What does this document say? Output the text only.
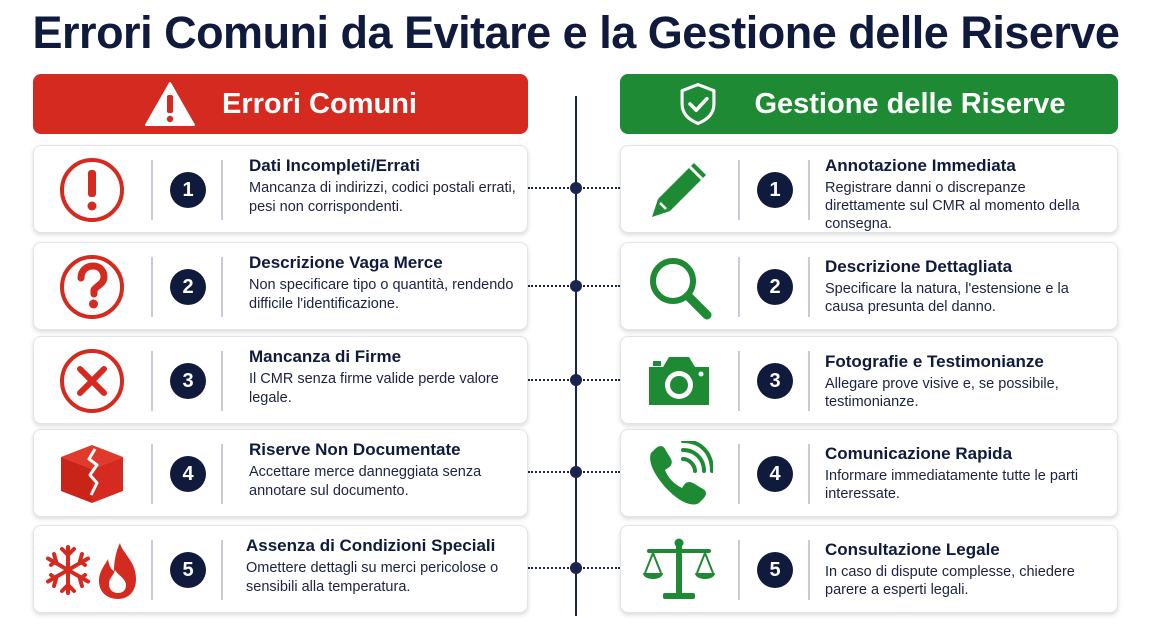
Errori Comuni da Evitare e la Gestione delle Riserve
Errori Comuni	Gestione delle Riserve
1
Dati Incompleti/Errati

Mancanza di indirizzi, codici postali errati, pesi non corrispondenti.

2
Descrizione Vaga Merce

Non specificare tipo o quantità, rendendo difficile l'identificazione.

3
Mancanza di Firme

Il CMR senza firme valide perde valore legale.

4
Riserve Non Documentate

Accettare merce danneggiata senza annotare sul documento.

5
Assenza di Condizioni Speciali

Omettere dettagli su merci pericolose o sensibili alla temperatura.

1
Annotazione Immediata

Registrare danni o discrepanze direttamente sul CMR al momento della consegna.

2
Descrizione Dettagliata

Specificare la natura, l'estensione e la causa presunta del danno.

3
Fotografie e Testimonianze

Allegare prove visive e, se possibile, testimonianze.

4
Comunicazione Rapida

Informare immediatamente tutte le parti interessate.

5
Consultazione Legale

In caso di dispute complesse, chiedere parere a esperti legali.
